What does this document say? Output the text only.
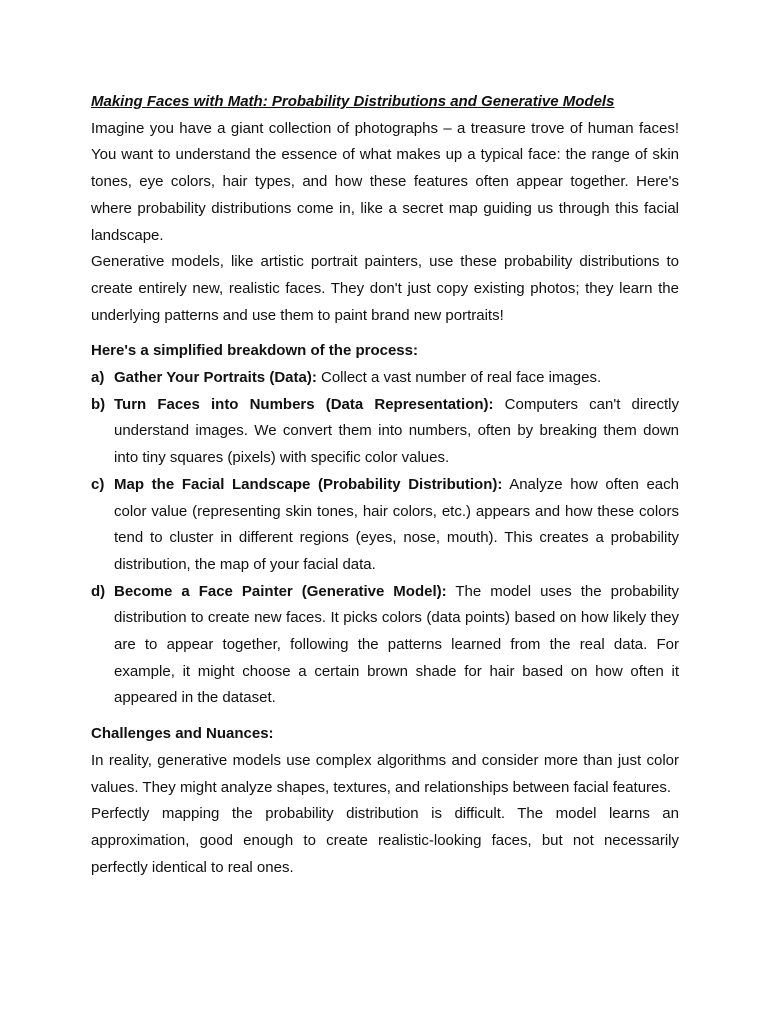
Making Faces with Math: Probability Distributions and Generative Models

Imagine you have a giant collection of photographs – a treasure trove of human faces! You want to understand the essence of what makes up a typical face: the range of skin tones, eye colors, hair types, and how these features often appear together. Here's where probability distributions come in, like a secret map guiding us through this facial landscape.

Generative models, like artistic portrait painters, use these probability distributions to create entirely new, realistic faces. They don't just copy existing photos; they learn the underlying patterns and use them to paint brand new portraits!

Here's a simplified breakdown of the process:

a) Gather Your Portraits (Data): Collect a vast number of real face images.
b) Turn Faces into Numbers (Data Representation): Computers can't directly understand images. We convert them into numbers, often by breaking them down into tiny squares (pixels) with specific color values.
c) Map the Facial Landscape (Probability Distribution): Analyze how often each color value (representing skin tones, hair colors, etc.) appears and how these colors tend to cluster in different regions (eyes, nose, mouth). This creates a probability distribution, the map of your facial data.
d) Become a Face Painter (Generative Model): The model uses the probability distribution to create new faces. It picks colors (data points) based on how likely they are to appear together, following the patterns learned from the real data. For example, it might choose a certain brown shade for hair based on how often it appeared in the dataset.

Challenges and Nuances:

In reality, generative models use complex algorithms and consider more than just color values. They might analyze shapes, textures, and relationships between facial features.

Perfectly mapping the probability distribution is difficult. The model learns an approximation, good enough to create realistic-looking faces, but not necessarily perfectly identical to real ones.
